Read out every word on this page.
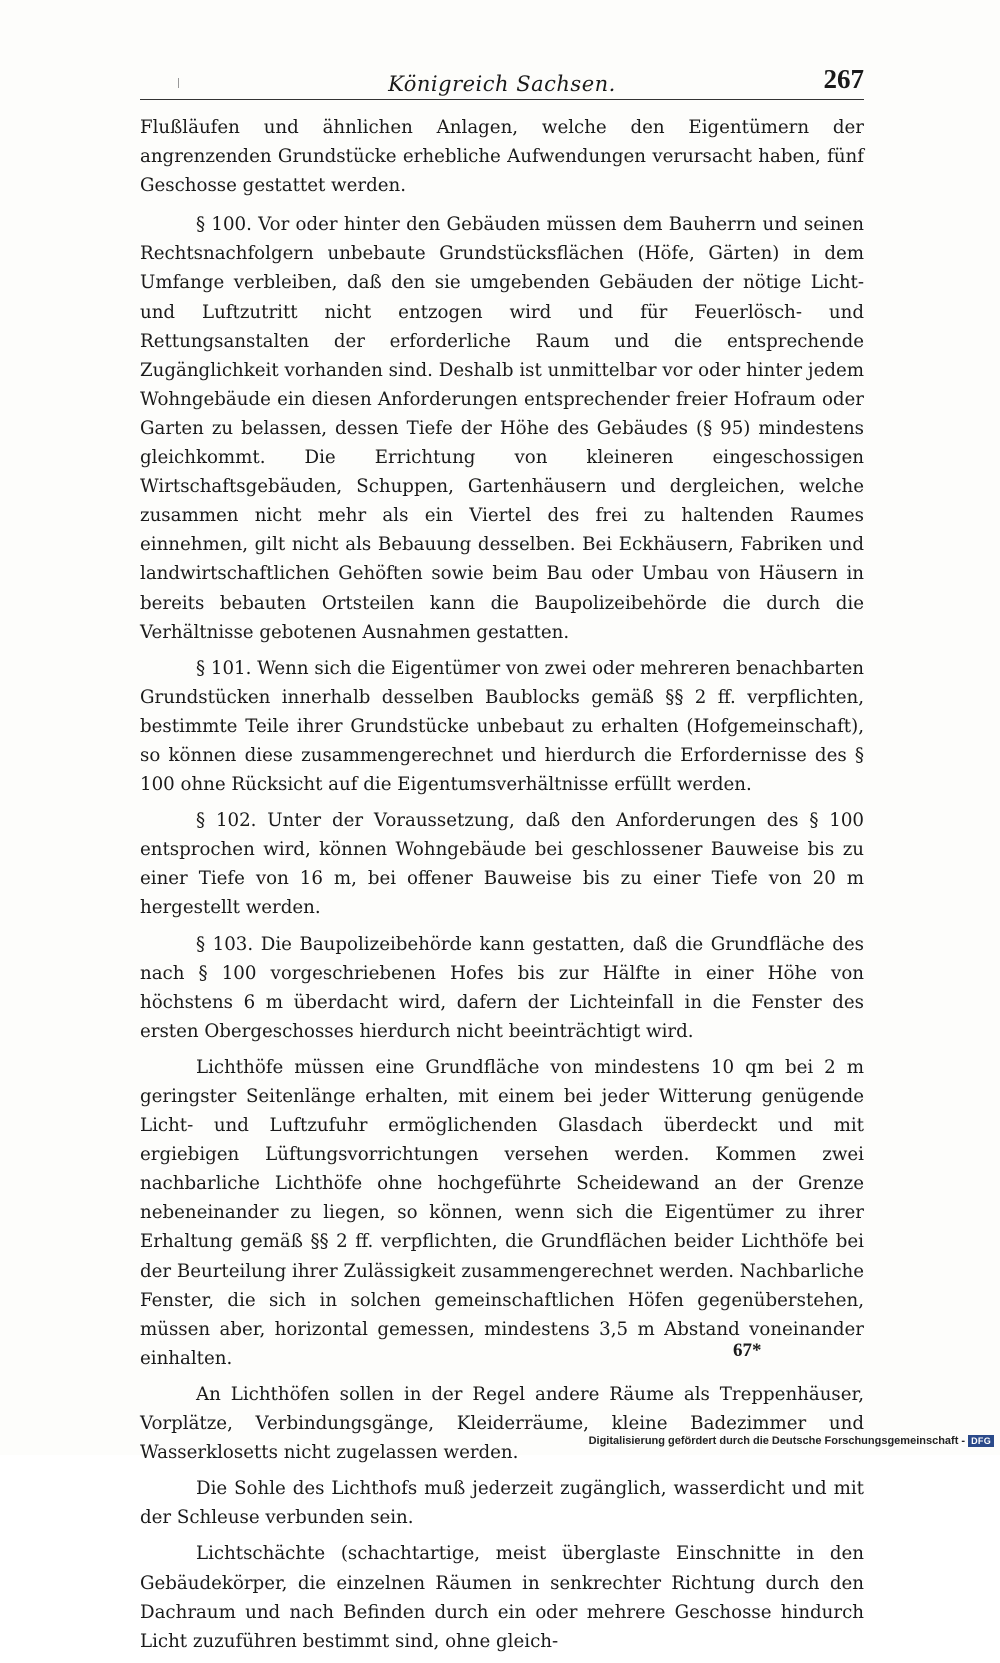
Königreich Sachsen.	267

Flußläufen und ähnlichen Anlagen, welche den Eigentümern der angrenzenden Grundstücke erhebliche Aufwendungen verursacht haben, fünf Geschosse gestattet werden.

§ 100. Vor oder hinter den Gebäuden müssen dem Bauherrn und seinen Rechtsnachfolgern unbebaute Grundstücksflächen (Höfe, Gärten) in dem Umfange verbleiben, daß den sie umgebenden Gebäuden der nötige Licht- und Luftzutritt nicht entzogen wird und für Feuerlösch- und Rettungsanstalten der erforderliche Raum und die entsprechende Zugänglichkeit vorhanden sind. Deshalb ist unmittelbar vor oder hinter jedem Wohngebäude ein diesen Anforderungen entsprechender freier Hofraum oder Garten zu belassen, dessen Tiefe der Höhe des Gebäudes (§ 95) mindestens gleichkommt. Die Errichtung von kleineren eingeschossigen Wirtschaftsgebäuden, Schuppen, Gartenhäusern und dergleichen, welche zusammen nicht mehr als ein Viertel des frei zu haltenden Raumes einnehmen, gilt nicht als Bebauung desselben. Bei Eckhäusern, Fabriken und landwirtschaftlichen Gehöften sowie beim Bau oder Umbau von Häusern in bereits bebauten Ortsteilen kann die Baupolizeibehörde die durch die Verhältnisse gebotenen Ausnahmen gestatten.

§ 101. Wenn sich die Eigentümer von zwei oder mehreren benachbarten Grundstücken innerhalb desselben Baublocks gemäß §§ 2 ff. verpflichten, bestimmte Teile ihrer Grundstücke unbebaut zu erhalten (Hofgemeinschaft), so können diese zusammengerechnet und hierdurch die Erfordernisse des § 100 ohne Rücksicht auf die Eigentumsverhältnisse erfüllt werden.

§ 102. Unter der Voraussetzung, daß den Anforderungen des § 100 entsprochen wird, können Wohngebäude bei geschlossener Bauweise bis zu einer Tiefe von 16 m, bei offener Bauweise bis zu einer Tiefe von 20 m hergestellt werden.

§ 103. Die Baupolizeibehörde kann gestatten, daß die Grundfläche des nach § 100 vorgeschriebenen Hofes bis zur Hälfte in einer Höhe von höchstens 6 m überdacht wird, dafern der Lichteinfall in die Fenster des ersten Obergeschosses hierdurch nicht beeinträchtigt wird.

Lichthöfe müssen eine Grundfläche von mindestens 10 qm bei 2 m geringster Seitenlänge erhalten, mit einem bei jeder Witterung genügende Licht- und Luftzufuhr ermöglichenden Glasdach überdeckt und mit ergiebigen Lüftungsvorrichtungen versehen werden. Kommen zwei nachbarliche Lichthöfe ohne hochgeführte Scheidewand an der Grenze nebeneinander zu liegen, so können, wenn sich die Eigentümer zu ihrer Erhaltung gemäß §§ 2 ff. verpflichten, die Grundflächen beider Lichthöfe bei der Beurteilung ihrer Zulässigkeit zusammengerechnet werden. Nachbarliche Fenster, die sich in solchen gemeinschaftlichen Höfen gegenüberstehen, müssen aber, horizontal gemessen, mindestens 3,5 m Abstand voneinander einhalten.

An Lichthöfen sollen in der Regel andere Räume als Treppenhäuser, Vorplätze, Verbindungsgänge, Kleiderräume, kleine Badezimmer und Wasserklosetts nicht zugelassen werden.

Die Sohle des Lichthofs muß jederzeit zugänglich, wasserdicht und mit der Schleuse verbunden sein.

Lichtschächte (schachtartige, meist überglaste Einschnitte in den Gebäudekörper, die einzelnen Räumen in senkrechter Richtung durch den Dachraum und nach Befinden durch ein oder mehrere Geschosse hindurch Licht zuzuführen bestimmt sind, ohne gleich-

67*
Digitalisierung gefördert durch die Deutsche Forschungsgemeinschaft - DFG
